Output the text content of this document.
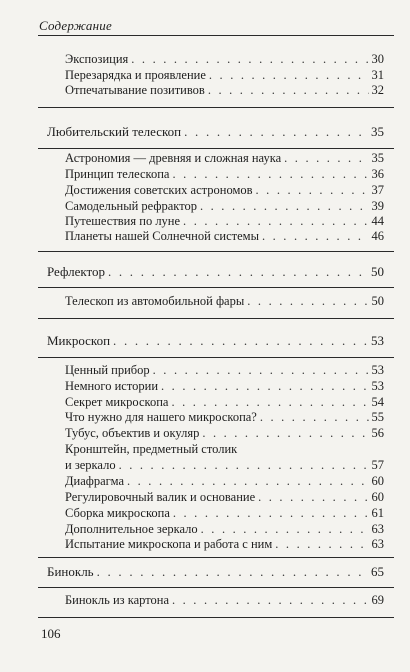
Содержание
Экспозиция . . .	30
Перезарядка и проявление . . .	31
Отпечатывание позитивов . . .	32
Любительский телескоп . . .	35
Астрономия — древняя и сложная наука . . .	35
Принцип телескопа . . .	36
Достижения советских астрономов . . .	37
Самодельный рефрактор . . .	39
Путешествия по луне . . .	44
Планеты нашей Солнечной системы . . .	46
Рефлектор . . .	50
Телескоп из автомобильной фары . . .	50
Микроскоп . . .	53
Ценный прибор . . .	53
Немного истории . . .	53
Секрет микроскопа . . .	54
Что нужно для нашего микроскопа? . . .	55
Тубус, объектив и окуляр . . .	56
Кронштейн, предметный столик
и зеркало . . .	57
Диафрагма . . .	60
Регулировочный валик и основание . . .	60
Сборка микроскопа . . .	61
Дополнительное зеркало . . .	63
Испытание микроскопа и работа с ним . . .	63
Бинокль . . .	65
Бинокль из картона . . .	69
106
